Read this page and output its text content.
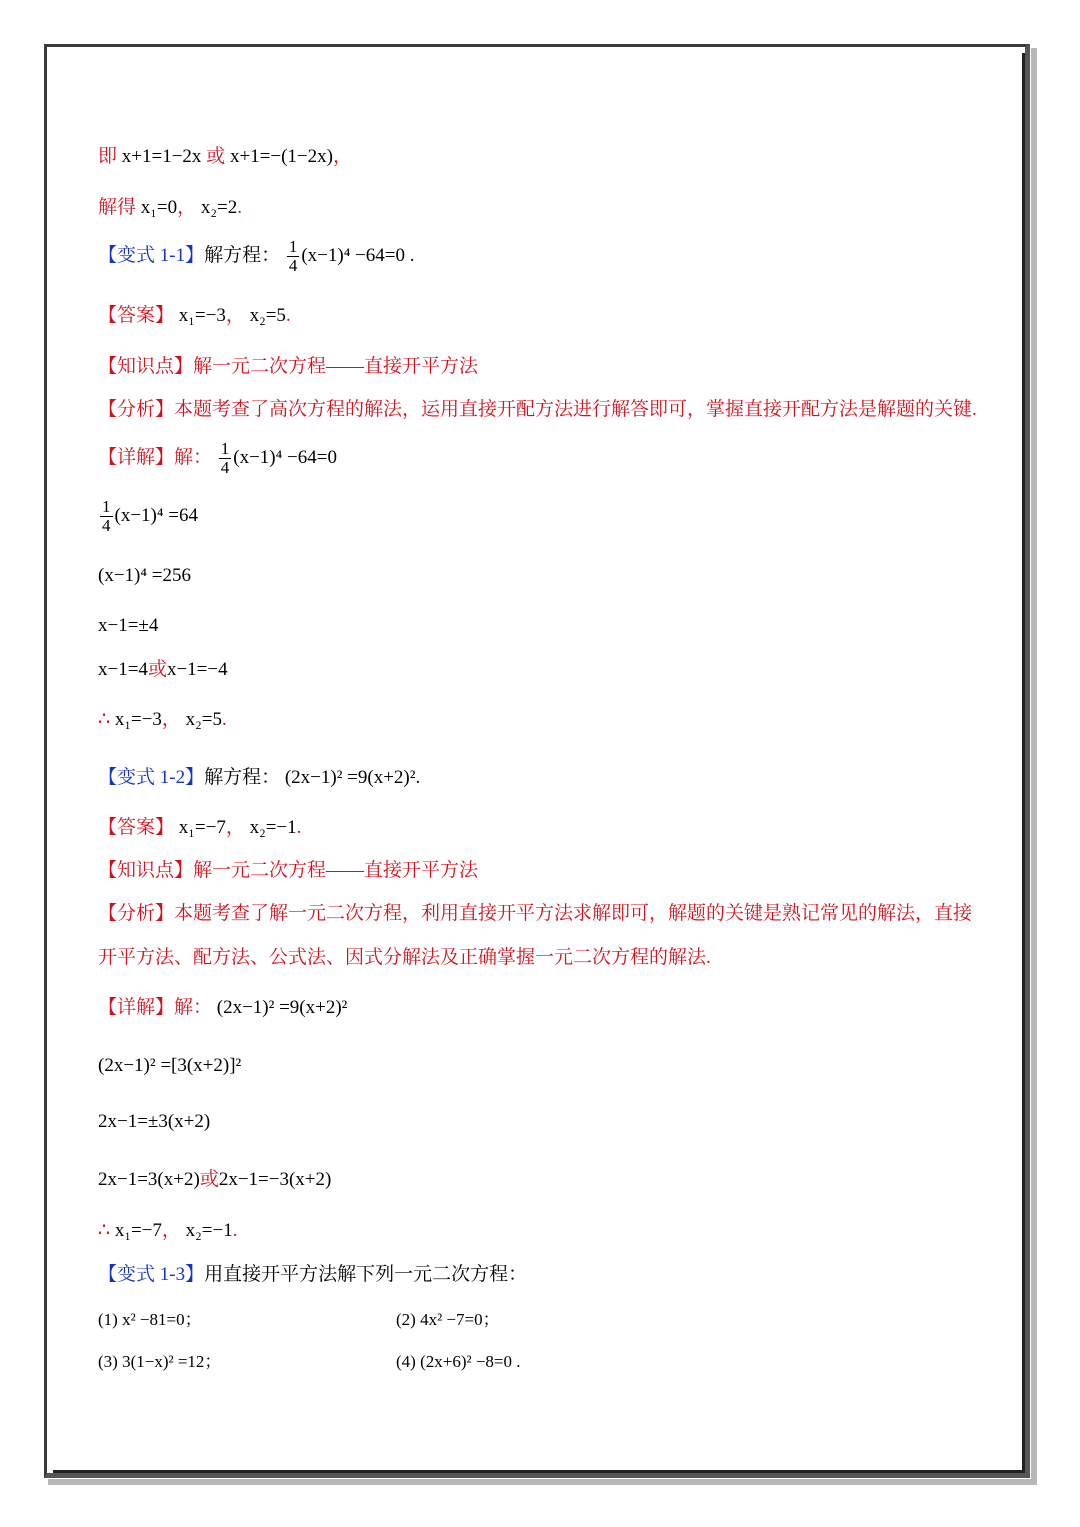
即 x+1=1−2x 或 x+1=−(1−2x)，
解得 x₁=0， x₂=2.
【变式 1-1】解方程： $\frac{1}{4} (x-1)^4 -64=0$ .
【答案】 x₁=−3， x₂=5.
【知识点】解一元二次方程——直接开平方法
【分析】本题考查了高次方程的解法，运用直接开配方法进行解答即可，掌握直接开配方法是解题的关键.
【详解】解： $\frac{1}{4} (x-1)^4 -64=0$
$\frac{1}{4} (x-1)^4 =64$
(x−1)⁴ =256
x−1=±4
x−1=4或x−1=−4
∴ x₁=−3， x₂=5.
【变式 1-2】解方程： (2x−1)² =9(x+2)².
【答案】 x₁=−7， x₂=−1.
【知识点】解一元二次方程——直接开平方法
【分析】本题考查了解一元二次方程，利用直接开平方法求解即可，解题的关键是熟记常见的解法，直接
开平方法、配方法、公式法、因式分解法及正确掌握一元二次方程的解法.
【详解】解： (2x−1)² =9(x+2)²
(2x−1)² =[3(x+2)]²
2x−1=±3(x+2)
2x−1=3(x+2)或2x−1=−3(x+2)
∴ x₁=−7， x₂=−1.
【变式 1-3】用直接开平方法解下列一元二次方程：
(1) x² −81=0；	(2) 4x² −7=0；
(3) 3(1−x)² =12；	(4) (2x+6)² −8=0 .
